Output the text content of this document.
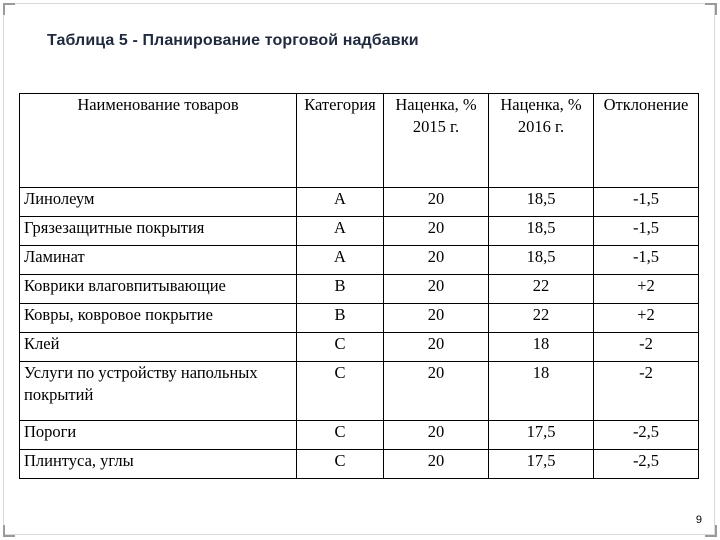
Таблица 5 - Планирование торговой надбавки
Наименование товаров	Категория	Наценка, % 2015 г.	Наценка, % 2016 г.	Отклонение
Линолеум	A	20	18,5	-1,5
Грязезащитные покрытия	A	20	18,5	-1,5
Ламинат	A	20	18,5	-1,5
Коврики влаговпитывающие	B	20	22	+2
Ковры, ковровое покрытие	B	20	22	+2
Клей	C	20	18	-2
Услуги по устройству напольных покрытий	C	20	18	-2
Пороги	C	20	17,5	-2,5
Плинтуса, углы	C	20	17,5	-2,5
9
